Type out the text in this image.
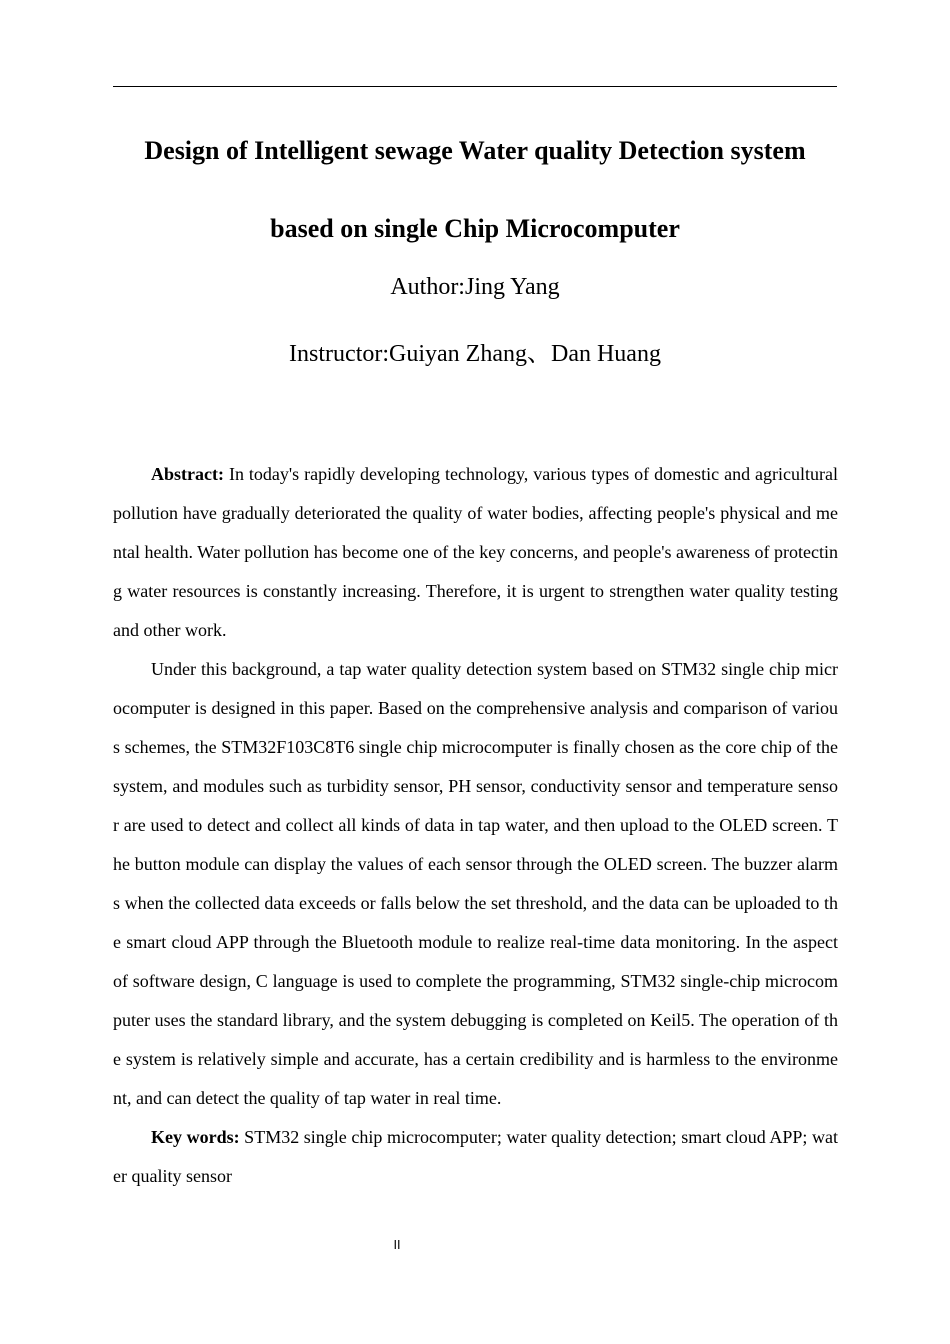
Design of Intelligent sewage Water quality Detection system based on single Chip Microcomputer
Author:Jing Yang
Instructor:Guiyan Zhang、Dan Huang

Abstract: In today's rapidly developing technology, various types of domestic and agricultural pollution have gradually deteriorated the quality of water bodies, affecting people's physical and mental health. Water pollution has become one of the key concerns, and people's awareness of protecting water resources is constantly increasing. Therefore, it is urgent to strengthen water quality testing and other work.

Under this background, a tap water quality detection system based on STM32 single chip microcomputer is designed in this paper. Based on the comprehensive analysis and comparison of various schemes, the STM32F103C8T6 single chip microcomputer is finally chosen as the core chip of the system, and modules such as turbidity sensor, PH sensor, conductivity sensor and temperature sensor are used to detect and collect all kinds of data in tap water, and then upload to the OLED screen. The button module can display the values of each sensor through the OLED screen. The buzzer alarms when the collected data exceeds or falls below the set threshold, and the data can be uploaded to the smart cloud APP through the Bluetooth module to realize real-time data monitoring. In the aspect of software design, C language is used to complete the programming, STM32 single-chip microcomputer uses the standard library, and the system debugging is completed on Keil5. The operation of the system is relatively simple and accurate, has a certain credibility and is harmless to the environment, and can detect the quality of tap water in real time.

Key words: STM32 single chip microcomputer; water quality detection; smart cloud APP; water quality sensor

II
